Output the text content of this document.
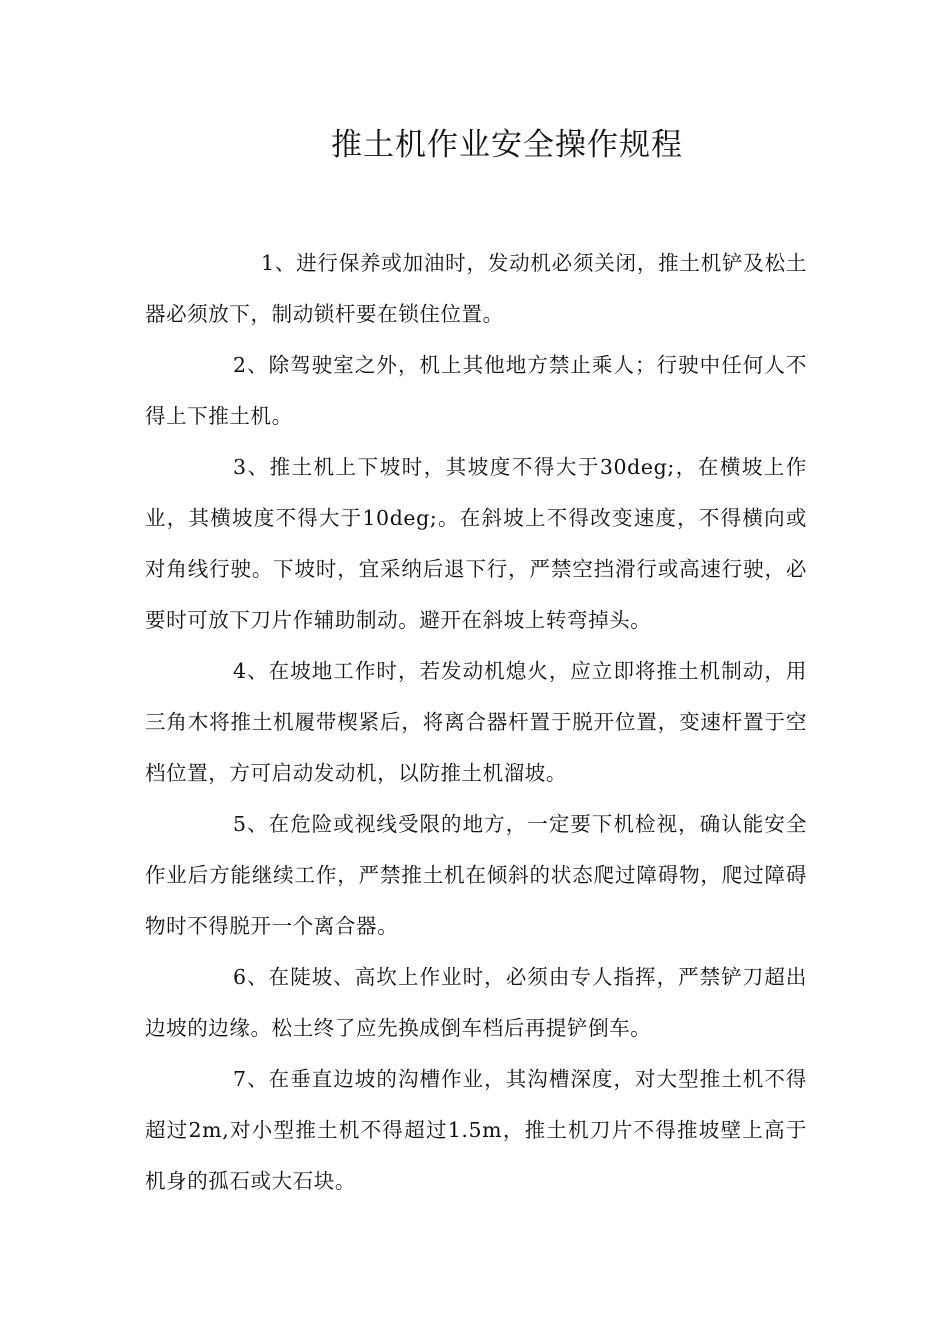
推土机作业安全操作规程

1、进行保养或加油时，发动机必须关闭，推土机铲及松土器必须放下，制动锁杆要在锁住位置。

2、除驾驶室之外，机上其他地方禁止乘人；行驶中任何人不得上下推土机。

3、推土机上下坡时，其坡度不得大于30deg;，在横坡上作业，其横坡度不得大于10deg;。在斜坡上不得改变速度，不得横向或对角线行驶。下坡时，宜采纳后退下行，严禁空挡滑行或高速行驶，必要时可放下刀片作辅助制动。避开在斜坡上转弯掉头。

4、在坡地工作时，若发动机熄火，应立即将推土机制动，用三角木将推土机履带楔紧后，将离合器杆置于脱开位置，变速杆置于空档位置，方可启动发动机，以防推土机溜坡。

5、在危险或视线受限的地方，一定要下机检视，确认能安全作业后方能继续工作，严禁推土机在倾斜的状态爬过障碍物，爬过障碍物时不得脱开一个离合器。

6、在陡坡、高坎上作业时，必须由专人指挥，严禁铲刀超出边坡的边缘。松土终了应先换成倒车档后再提铲倒车。

7、在垂直边坡的沟槽作业，其沟槽深度，对大型推土机不得超过2m,对小型推土机不得超过1.5m，推土机刀片不得推坡壁上高于机身的孤石或大石块。
